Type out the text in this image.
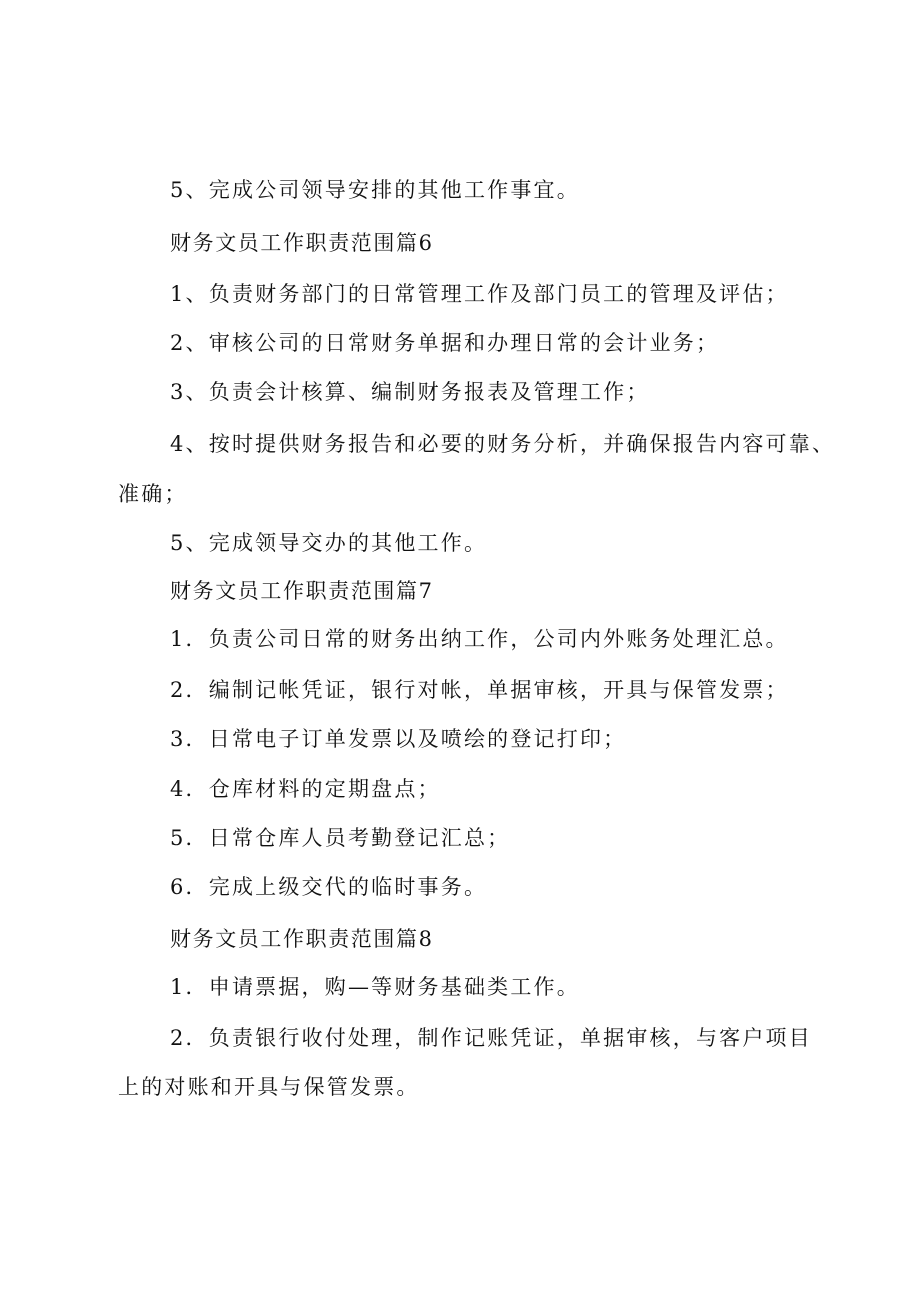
5、完成公司领导安排的其他工作事宜。
财务文员工作职责范围篇6
1、负责财务部门的日常管理工作及部门员工的管理及评估；
2、审核公司的日常财务单据和办理日常的会计业务；
3、负责会计核算、编制财务报表及管理工作；
4、按时提供财务报告和必要的财务分析，并确保报告内容可靠、
准确；
5、完成领导交办的其他工作。
财务文员工作职责范围篇7
1．负责公司日常的财务出纳工作，公司内外账务处理汇总。
2．编制记帐凭证，银行对帐，单据审核，开具与保管发票；
3．日常电子订单发票以及喷绘的登记打印；
4．仓库材料的定期盘点；
5．日常仓库人员考勤登记汇总；
6．完成上级交代的临时事务。
财务文员工作职责范围篇8
1．申请票据，购—等财务基础类工作。
2．负责银行收付处理，制作记账凭证，单据审核，与客户项目
上的对账和开具与保管发票。
